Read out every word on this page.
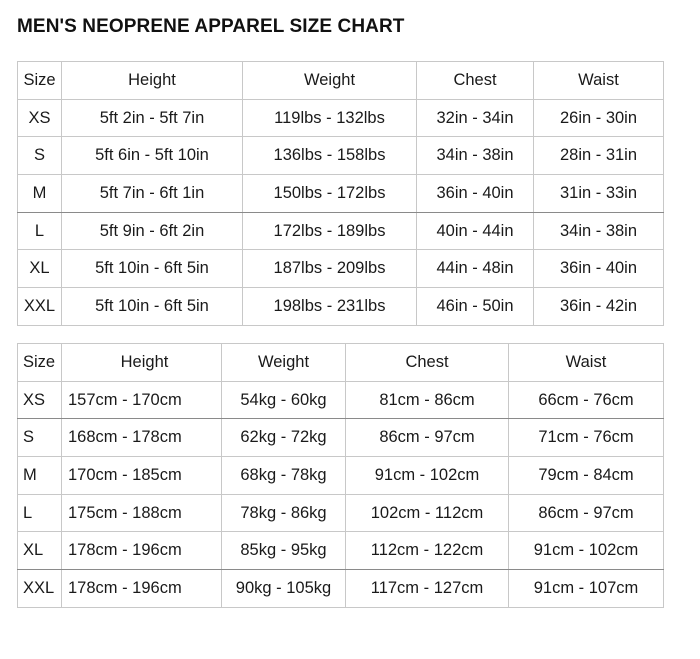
MEN'S NEOPRENE APPAREL SIZE CHART
Size	Height	Weight	Chest	Waist
XS	5ft 2in - 5ft 7in	119lbs - 132lbs	32in - 34in	26in - 30in
S	5ft 6in - 5ft 10in	136lbs - 158lbs	34in - 38in	28in - 31in
M	5ft 7in - 6ft 1in	150lbs - 172lbs	36in - 40in	31in - 33in
L	5ft 9in - 6ft 2in	172lbs - 189lbs	40in - 44in	34in - 38in
XL	5ft 10in - 6ft 5in	187lbs - 209lbs	44in - 48in	36in - 40in
XXL	5ft 10in - 6ft 5in	198lbs - 231lbs	46in - 50in	36in - 42in
Size	Height	Weight	Chest	Waist
XS	157cm - 170cm	54kg - 60kg	81cm - 86cm	66cm - 76cm
S	168cm - 178cm	62kg - 72kg	86cm - 97cm	71cm - 76cm
M	170cm - 185cm	68kg - 78kg	91cm - 102cm	79cm - 84cm
L	175cm - 188cm	78kg - 86kg	102cm - 112cm	86cm - 97cm
XL	178cm - 196cm	85kg - 95kg	112cm - 122cm	91cm - 102cm
XXL	178cm - 196cm	90kg - 105kg	117cm - 127cm	91cm - 107cm
